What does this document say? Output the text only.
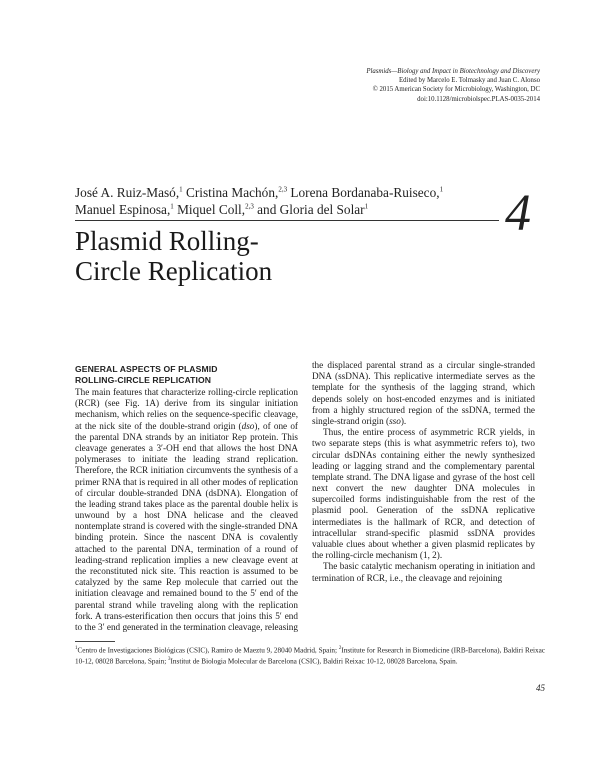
Plasmids—Biology and Impact in Biotechnology and Discovery
Edited by Marcelo E. Tolmasky and Juan C. Alonso
© 2015 American Society for Microbiology, Washington, DC
doi:10.1128/microbiolspec.PLAS-0035-2014
José A. Ruiz-Masó,$^1$ Cristina Machón,$^{2,3}$ Lorena Bordanaba-Ruiseco,$^1$
Manuel Espinosa,$^1$ Miquel Coll,$^{2,3}$ and Gloria del Solar$^1$	4
Plasmid Rolling-
Circle Replication
GENERAL ASPECTS OF PLASMID
ROLLING-CIRCLE REPLICATION

The main features that characterize rolling-circle replication (RCR) (see Fig. 1A) derive from its singular initiation mechanism, which relies on the sequence-specific cleavage, at the nick site of the double-strand origin (dso), of one of the parental DNA strands by an initiator Rep protein. This cleavage generates a 3′-OH end that allows the host DNA polymerases to initiate the leading strand replication. Therefore, the RCR initiation circumvents the synthesis of a primer RNA that is required in all other modes of replication of circular double-stranded DNA (dsDNA). Elongation of the leading strand takes place as the parental double helix is unwound by a host DNA helicase and the cleaved nontemplate strand is covered with the single-stranded DNA binding protein. Since the nascent DNA is covalently attached to the parental DNA, termination of a round of leading-strand replication implies a new cleavage event at the reconstituted nick site. This reaction is assumed to be catalyzed by the same Rep molecule that carried out the initiation cleavage and remained bound to the 5′ end of the parental strand while traveling along with the replication fork. A trans-esterification then occurs that joins this 5′ end to the 3′ end generated in the termination cleavage, releasing

the displaced parental strand as a circular single-stranded DNA (ssDNA). This replicative intermediate serves as the template for the synthesis of the lagging strand, which depends solely on host-encoded enzymes and is initiated from a highly structured region of the ssDNA, termed the single-strand origin (sso).

Thus, the entire process of asymmetric RCR yields, in two separate steps (this is what asymmetric refers to), two circular dsDNAs containing either the newly synthesized leading or lagging strand and the complementary parental template strand. The DNA ligase and gyrase of the host cell next convert the new daughter DNA molecules in supercoiled forms indistinguishable from the rest of the plasmid pool. Generation of the ssDNA replicative intermediates is the hallmark of RCR, and detection of intracellular strand-specific plasmid ssDNA provides valuable clues about whether a given plasmid replicates by the rolling-circle mechanism (1, 2).

The basic catalytic mechanism operating in initiation and termination of RCR, i.e., the cleavage and rejoining

$^1$Centro de Investigaciones Biológicas (CSIC), Ramiro de Maeztu 9, 28040 Madrid, Spain; $^2$Institute for Research in Biomedicine (IRB-Barcelona), Baldiri Reixac 10-12, 08028 Barcelona, Spain; $^3$Institut de Biologia Molecular de Barcelona (CSIC), Baldiri Reixac 10-12, 08028 Barcelona, Spain.
45
